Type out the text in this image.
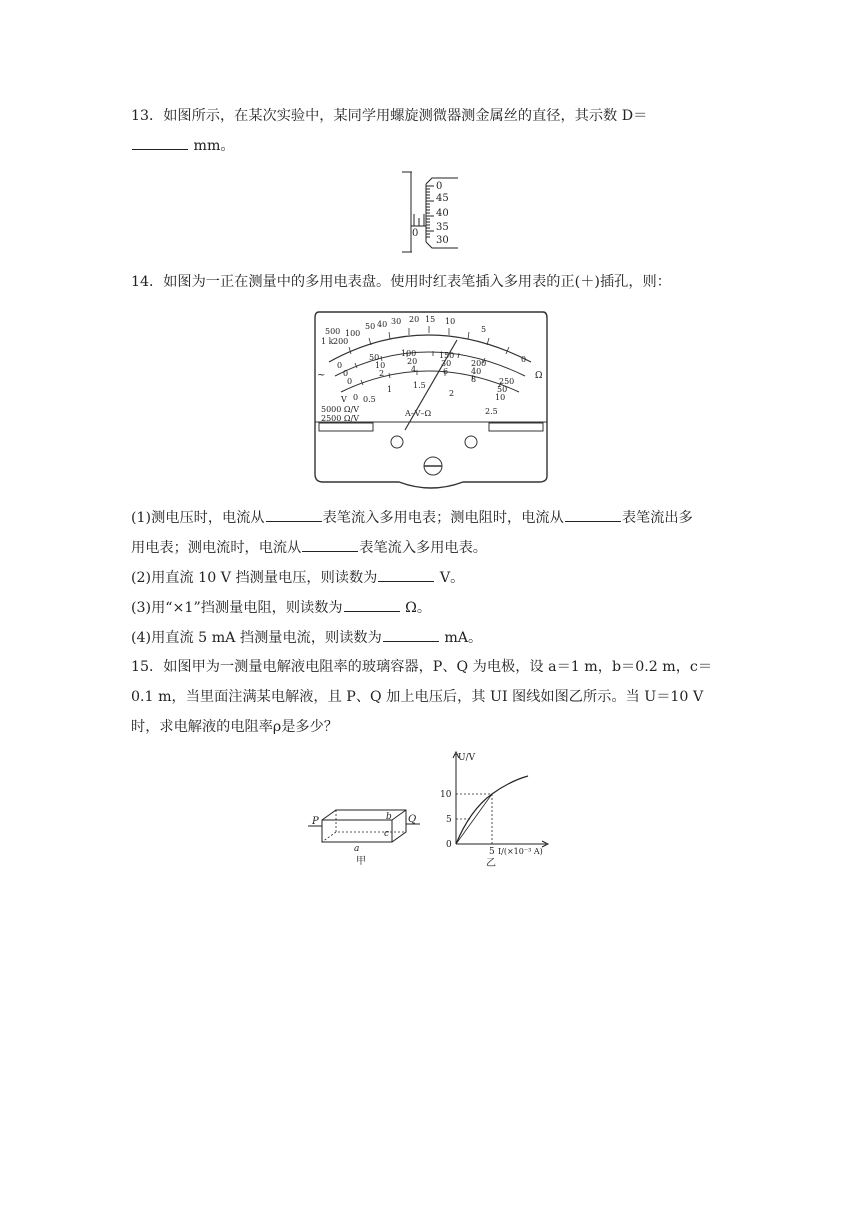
13．如图所示，在某次实验中，某同学用螺旋测微器测金属丝的直径，其示数 D＝
mm。
0
0
45
40
35
30
14．如图为一正在测量中的多用电表盘。使用时红表笔插入多用表的正(＋)插孔，则：
1 k
500
200
100
50 40 30 20 15 10
5
0
Ω
~
0
50	100	150
200
250
0
10	20	30
40
50
0
2	4	6
8
10
0 0.5
1	1.5
2
2.5
V
5000 Ω/V
2500 Ω/V
A–V–Ω
(1)测电压时，电流从	表笔流入多用电表；测电阻时，电流从	表笔流出多
用电表；测电流时，电流从	表笔流入多用电表。
(2)用直流 10 V 挡测量电压，则读数为	V。
(3)用“×1”挡测量电阻，则读数为	Ω。
(4)用直流 5 mA 挡测量电流，则读数为	mA。
15．如图甲为一测量电解液电阻率的玻璃容器，P、Q 为电极，设 a＝1 m，b＝0.2 m，c＝
0.1 m，当里面注满某电解液，且 P、Q 加上电压后，其 UI 图线如图乙所示。当 U＝10 V
时，求电解液的电阻率ρ是多少？
P	Q
b
c
a
甲
U/V
10
5
0
5 I/(×10⁻³ A)
乙
